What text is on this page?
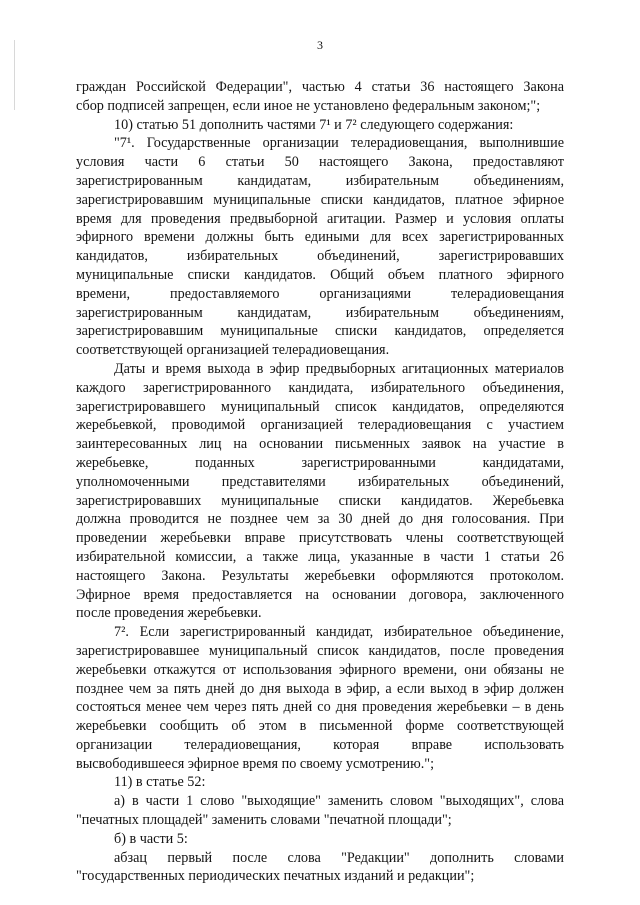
3
граждан Российской Федерации", частью 4 статьи 36 настоящего Закона
сбор подписей запрещен, если иное не установлено федеральным законом;";
10) статью 51 дополнить частями 7¹ и 7² следующего содержания:
"7¹. Государственные организации телерадиовещания, выполнившие
условия части 6 статьи 50 настоящего Закона, предоставляют
зарегистрированным кандидатам, избирательным объединениям,
зарегистрировавшим муниципальные списки кандидатов, платное эфирное
время для проведения предвыборной агитации. Размер и условия оплаты
эфирного времени должны быть едиными для всех зарегистрированных
кандидатов, избирательных объединений, зарегистрировавших
муниципальные списки кандидатов. Общий объем платного эфирного
времени, предоставляемого организациями телерадиовещания
зарегистрированным кандидатам, избирательным объединениям,
зарегистрировавшим муниципальные списки кандидатов, определяется
соответствующей организацией телерадиовещания.
Даты и время выхода в эфир предвыборных агитационных материалов
каждого зарегистрированного кандидата, избирательного объединения,
зарегистрировавшего муниципальный список кандидатов, определяются
жеребьевкой, проводимой организацией телерадиовещания с участием
заинтересованных лиц на основании письменных заявок на участие в
жеребьевке, поданных зарегистрированными кандидатами,
уполномоченными представителями избирательных объединений,
зарегистрировавших муниципальные списки кандидатов. Жеребьевка
должна проводится не позднее чем за 30 дней до дня голосования. При
проведении жеребьевки вправе присутствовать члены соответствующей
избирательной комиссии, а также лица, указанные в части 1 статьи 26
настоящего Закона. Результаты жеребьевки оформляются протоколом.
Эфирное время предоставляется на основании договора, заключенного
после проведения жеребьевки.
7². Если зарегистрированный кандидат, избирательное объединение,
зарегистрировавшее муниципальный список кандидатов, после проведения
жеребьевки откажутся от использования эфирного времени, они обязаны не
позднее чем за пять дней до дня выхода в эфир, а если выход в эфир должен
состояться менее чем через пять дней со дня проведения жеребьевки – в день
жеребьевки сообщить об этом в письменной форме соответствующей
организации телерадиовещания, которая вправе использовать
высвободившееся эфирное время по своему усмотрению.";
11) в статье 52:
а) в части 1 слово "выходящие" заменить словом "выходящих", слова
"печатных площадей" заменить словами "печатной площади";
б) в части 5:
абзац первый после слова "Редакции" дополнить словами
"государственных периодических печатных изданий и редакции";
